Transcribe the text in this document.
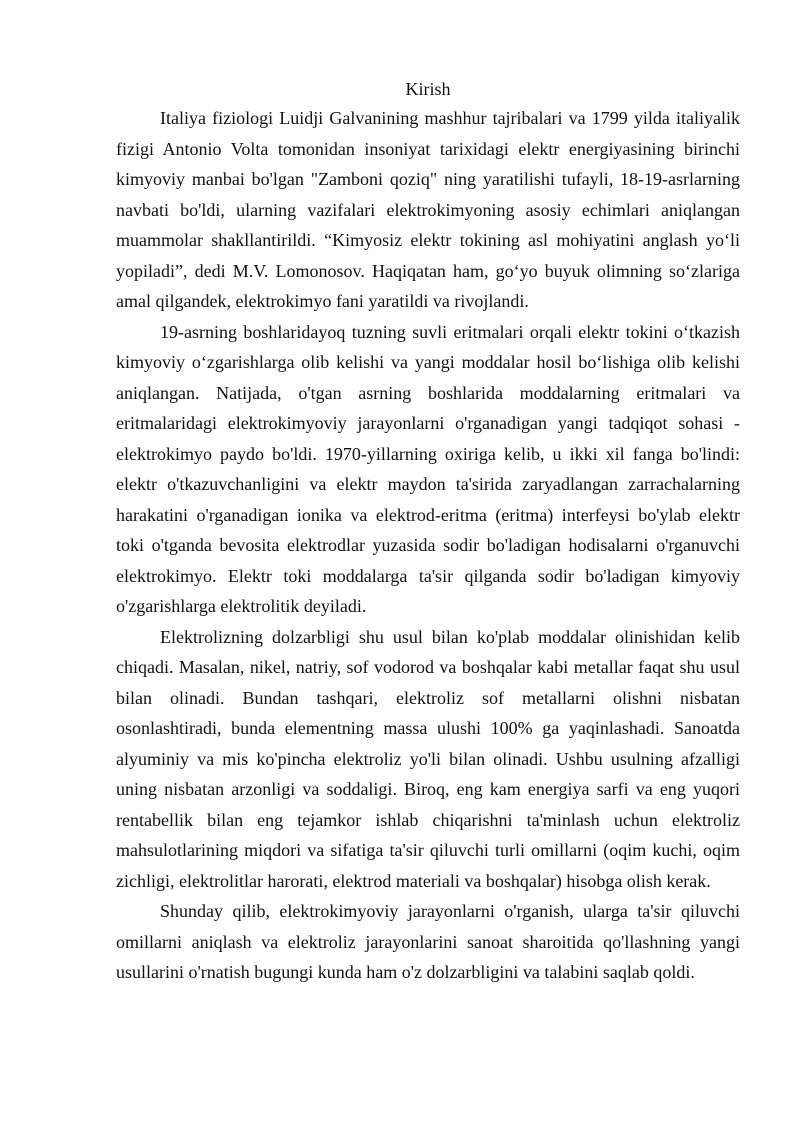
Kirish

Italiya fiziologi Luidji Galvanining mashhur tajribalari va 1799 yilda italiyalik fizigi Antonio Volta tomonidan insoniyat tarixidagi elektr energiyasining birinchi kimyoviy manbai bo'lgan "Zamboni qoziq" ning yaratilishi tufayli, 18-19-asrlarning navbati bo'ldi, ularning vazifalari elektrokimyoning asosiy echimlari aniqlangan muammolar shakllantirildi. “Kimyosiz elektr tokining asl mohiyatini anglash yo‘li yopiladi”, dedi M.V. Lomonosov. Haqiqatan ham, go‘yo buyuk olimning so‘zlariga amal qilgandek, elektrokimyo fani yaratildi va rivojlandi.

19-asrning boshlaridayoq tuzning suvli eritmalari orqali elektr tokini o‘tkazish kimyoviy o‘zgarishlarga olib kelishi va yangi moddalar hosil bo‘lishiga olib kelishi aniqlangan. Natijada, o'tgan asrning boshlarida moddalarning eritmalari va eritmalaridagi elektrokimyoviy jarayonlarni o'rganadigan yangi tadqiqot sohasi - elektrokimyo paydo bo'ldi. 1970-yillarning oxiriga kelib, u ikki xil fanga bo'lindi: elektr o'tkazuvchanligini va elektr maydon ta'sirida zaryadlangan zarrachalarning harakatini o'rganadigan ionika va elektrod-eritma (eritma) interfeysi bo'ylab elektr toki o'tganda bevosita elektrodlar yuzasida sodir bo'ladigan hodisalarni o'rganuvchi elektrokimyo. Elektr toki moddalarga ta'sir qilganda sodir bo'ladigan kimyoviy o'zgarishlarga elektrolitik deyiladi.

Elektrolizning dolzarbligi shu usul bilan ko'plab moddalar olinishidan kelib chiqadi. Masalan, nikel, natriy, sof vodorod va boshqalar kabi metallar faqat shu usul bilan olinadi. Bundan tashqari, elektroliz sof metallarni olishni nisbatan osonlashtiradi, bunda elementning massa ulushi 100% ga yaqinlashadi. Sanoatda alyuminiy va mis ko'pincha elektroliz yo'li bilan olinadi. Ushbu usulning afzalligi uning nisbatan arzonligi va soddaligi. Biroq, eng kam energiya sarfi va eng yuqori rentabellik bilan eng tejamkor ishlab chiqarishni ta'minlash uchun elektroliz mahsulotlarining miqdori va sifatiga ta'sir qiluvchi turli omillarni (oqim kuchi, oqim zichligi, elektrolitlar harorati, elektrod materiali va boshqalar) hisobga olish kerak.

Shunday qilib, elektrokimyoviy jarayonlarni o'rganish, ularga ta'sir qiluvchi omillarni aniqlash va elektroliz jarayonlarini sanoat sharoitida qo'llashning yangi usullarini o'rnatish bugungi kunda ham o'z dolzarbligini va talabini saqlab qoldi.
